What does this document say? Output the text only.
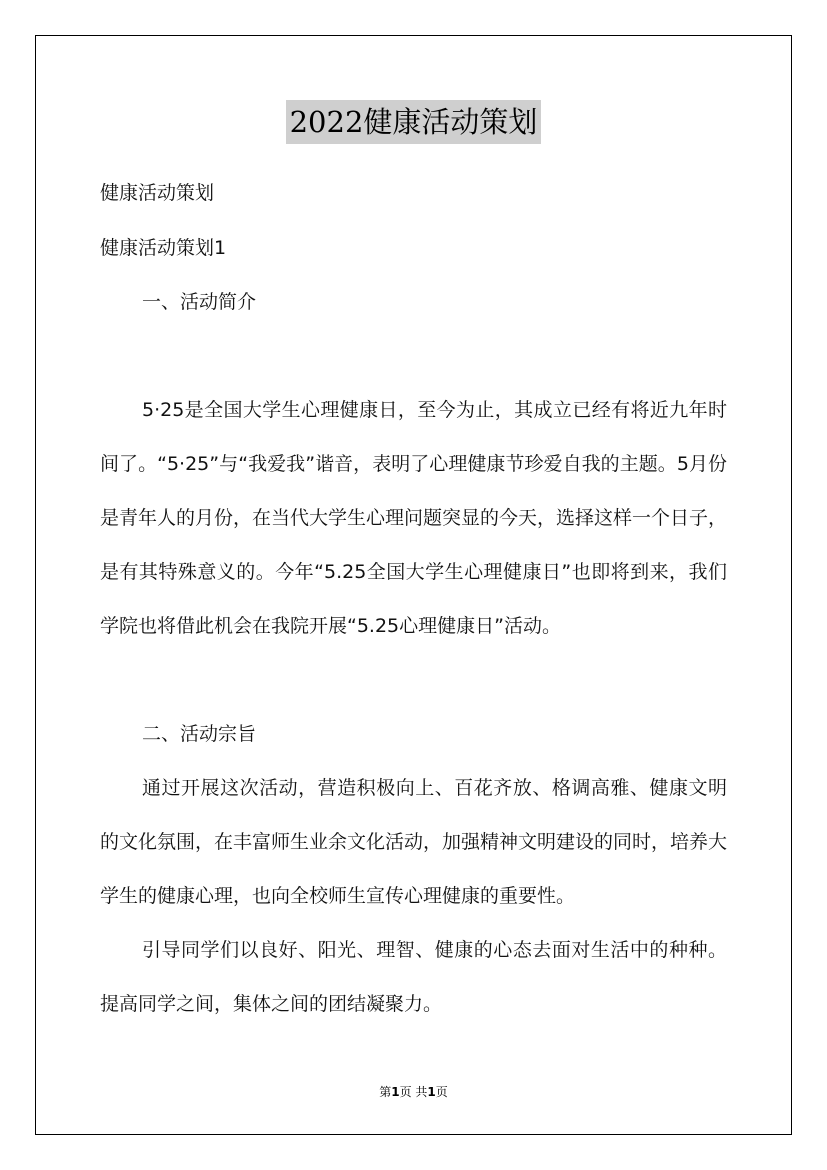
2022健康活动策划
健康活动策划
健康活动策划1
一、活动简介
5·25是全国大学生心理健康日，至今为止，其成立已经有将近九年时间了。“5·25”与“我爱我”谐音，表明了心理健康节珍爱自我的主题。5月份是青年人的月份，在当代大学生心理问题突显的今天，选择这样一个日子，是有其特殊意义的。今年“5.25全国大学生心理健康日”也即将到来，我们学院也将借此机会在我院开展“5.25心理健康日”活动。
二、活动宗旨
通过开展这次活动，营造积极向上、百花齐放、格调高雅、健康文明的文化氛围，在丰富师生业余文化活动，加强精神文明建设的同时，培养大学生的健康心理，也向全校师生宣传心理健康的重要性。
引导同学们以良好、阳光、理智、健康的心态去面对生活中的种种。提高同学之间，集体之间的团结凝聚力。
第1页 共1页
